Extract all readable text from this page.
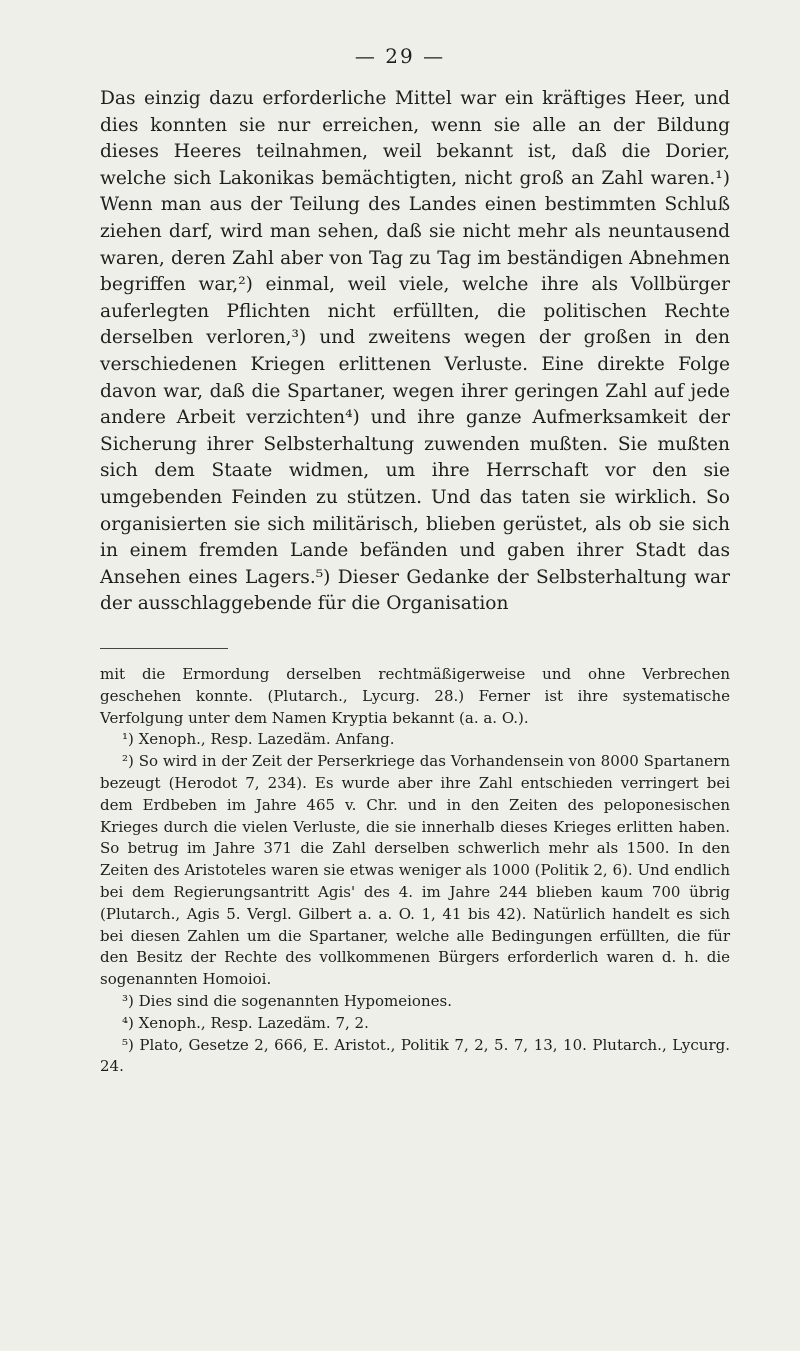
— 29 —

Das einzig dazu erforderliche Mittel war ein kräftiges Heer, und dies konnten sie nur erreichen, wenn sie alle an der Bildung dieses Heeres teilnahmen, weil bekannt ist, daß die Dorier, welche sich Lakonikas bemächtigten, nicht groß an Zahl waren.¹) Wenn man aus der Teilung des Landes einen bestimmten Schluß ziehen darf, wird man sehen, daß sie nicht mehr als neuntausend waren, deren Zahl aber von Tag zu Tag im beständigen Abnehmen begriffen war,²) einmal, weil viele, welche ihre als Vollbürger auferlegten Pflichten nicht erfüllten, die politischen Rechte derselben verloren,³) und zweitens wegen der großen in den verschiedenen Kriegen erlittenen Verluste. Eine direkte Folge davon war, daß die Spartaner, wegen ihrer geringen Zahl auf jede andere Arbeit verzichten⁴) und ihre ganze Aufmerksamkeit der Sicherung ihrer Selbsterhaltung zuwenden mußten. Sie mußten sich dem Staate widmen, um ihre Herrschaft vor den sie umgebenden Feinden zu stützen. Und das taten sie wirklich. So organisierten sie sich militärisch, blieben gerüstet, als ob sie sich in einem fremden Lande befänden und gaben ihrer Stadt das Ansehen eines Lagers.⁵) Dieser Gedanke der Selbsterhaltung war der ausschlaggebende für die Organisation

mit die Ermordung derselben rechtmäßigerweise und ohne Verbrechen geschehen konnte. (Plutarch., Lycurg. 28.) Ferner ist ihre systematische Verfolgung unter dem Namen Kryptia bekannt (a. a. O.).

¹) Xenoph., Resp. Lazedäm. Anfang.

²) So wird in der Zeit der Perserkriege das Vorhandensein von 8000 Spartanern bezeugt (Herodot 7, 234). Es wurde aber ihre Zahl entschieden verringert bei dem Erdbeben im Jahre 465 v. Chr. und in den Zeiten des peloponesischen Krieges durch die vielen Verluste, die sie innerhalb dieses Krieges erlitten haben. So betrug im Jahre 371 die Zahl derselben schwerlich mehr als 1500. In den Zeiten des Aristoteles waren sie etwas weniger als 1000 (Politik 2, 6). Und endlich bei dem Regierungsantritt Agis' des 4. im Jahre 244 blieben kaum 700 übrig (Plutarch., Agis 5. Vergl. Gilbert a. a. O. 1, 41 bis 42). Natürlich handelt es sich bei diesen Zahlen um die Spartaner, welche alle Bedingungen erfüllten, die für den Besitz der Rechte des vollkommenen Bürgers erforderlich waren d. h. die sogenannten Homoioi.

³) Dies sind die sogenannten Hypomeiones.

⁴) Xenoph., Resp. Lazedäm. 7, 2.

⁵) Plato, Gesetze 2, 666, E. Aristot., Politik 7, 2, 5. 7, 13, 10. Plutarch., Lycurg. 24.
